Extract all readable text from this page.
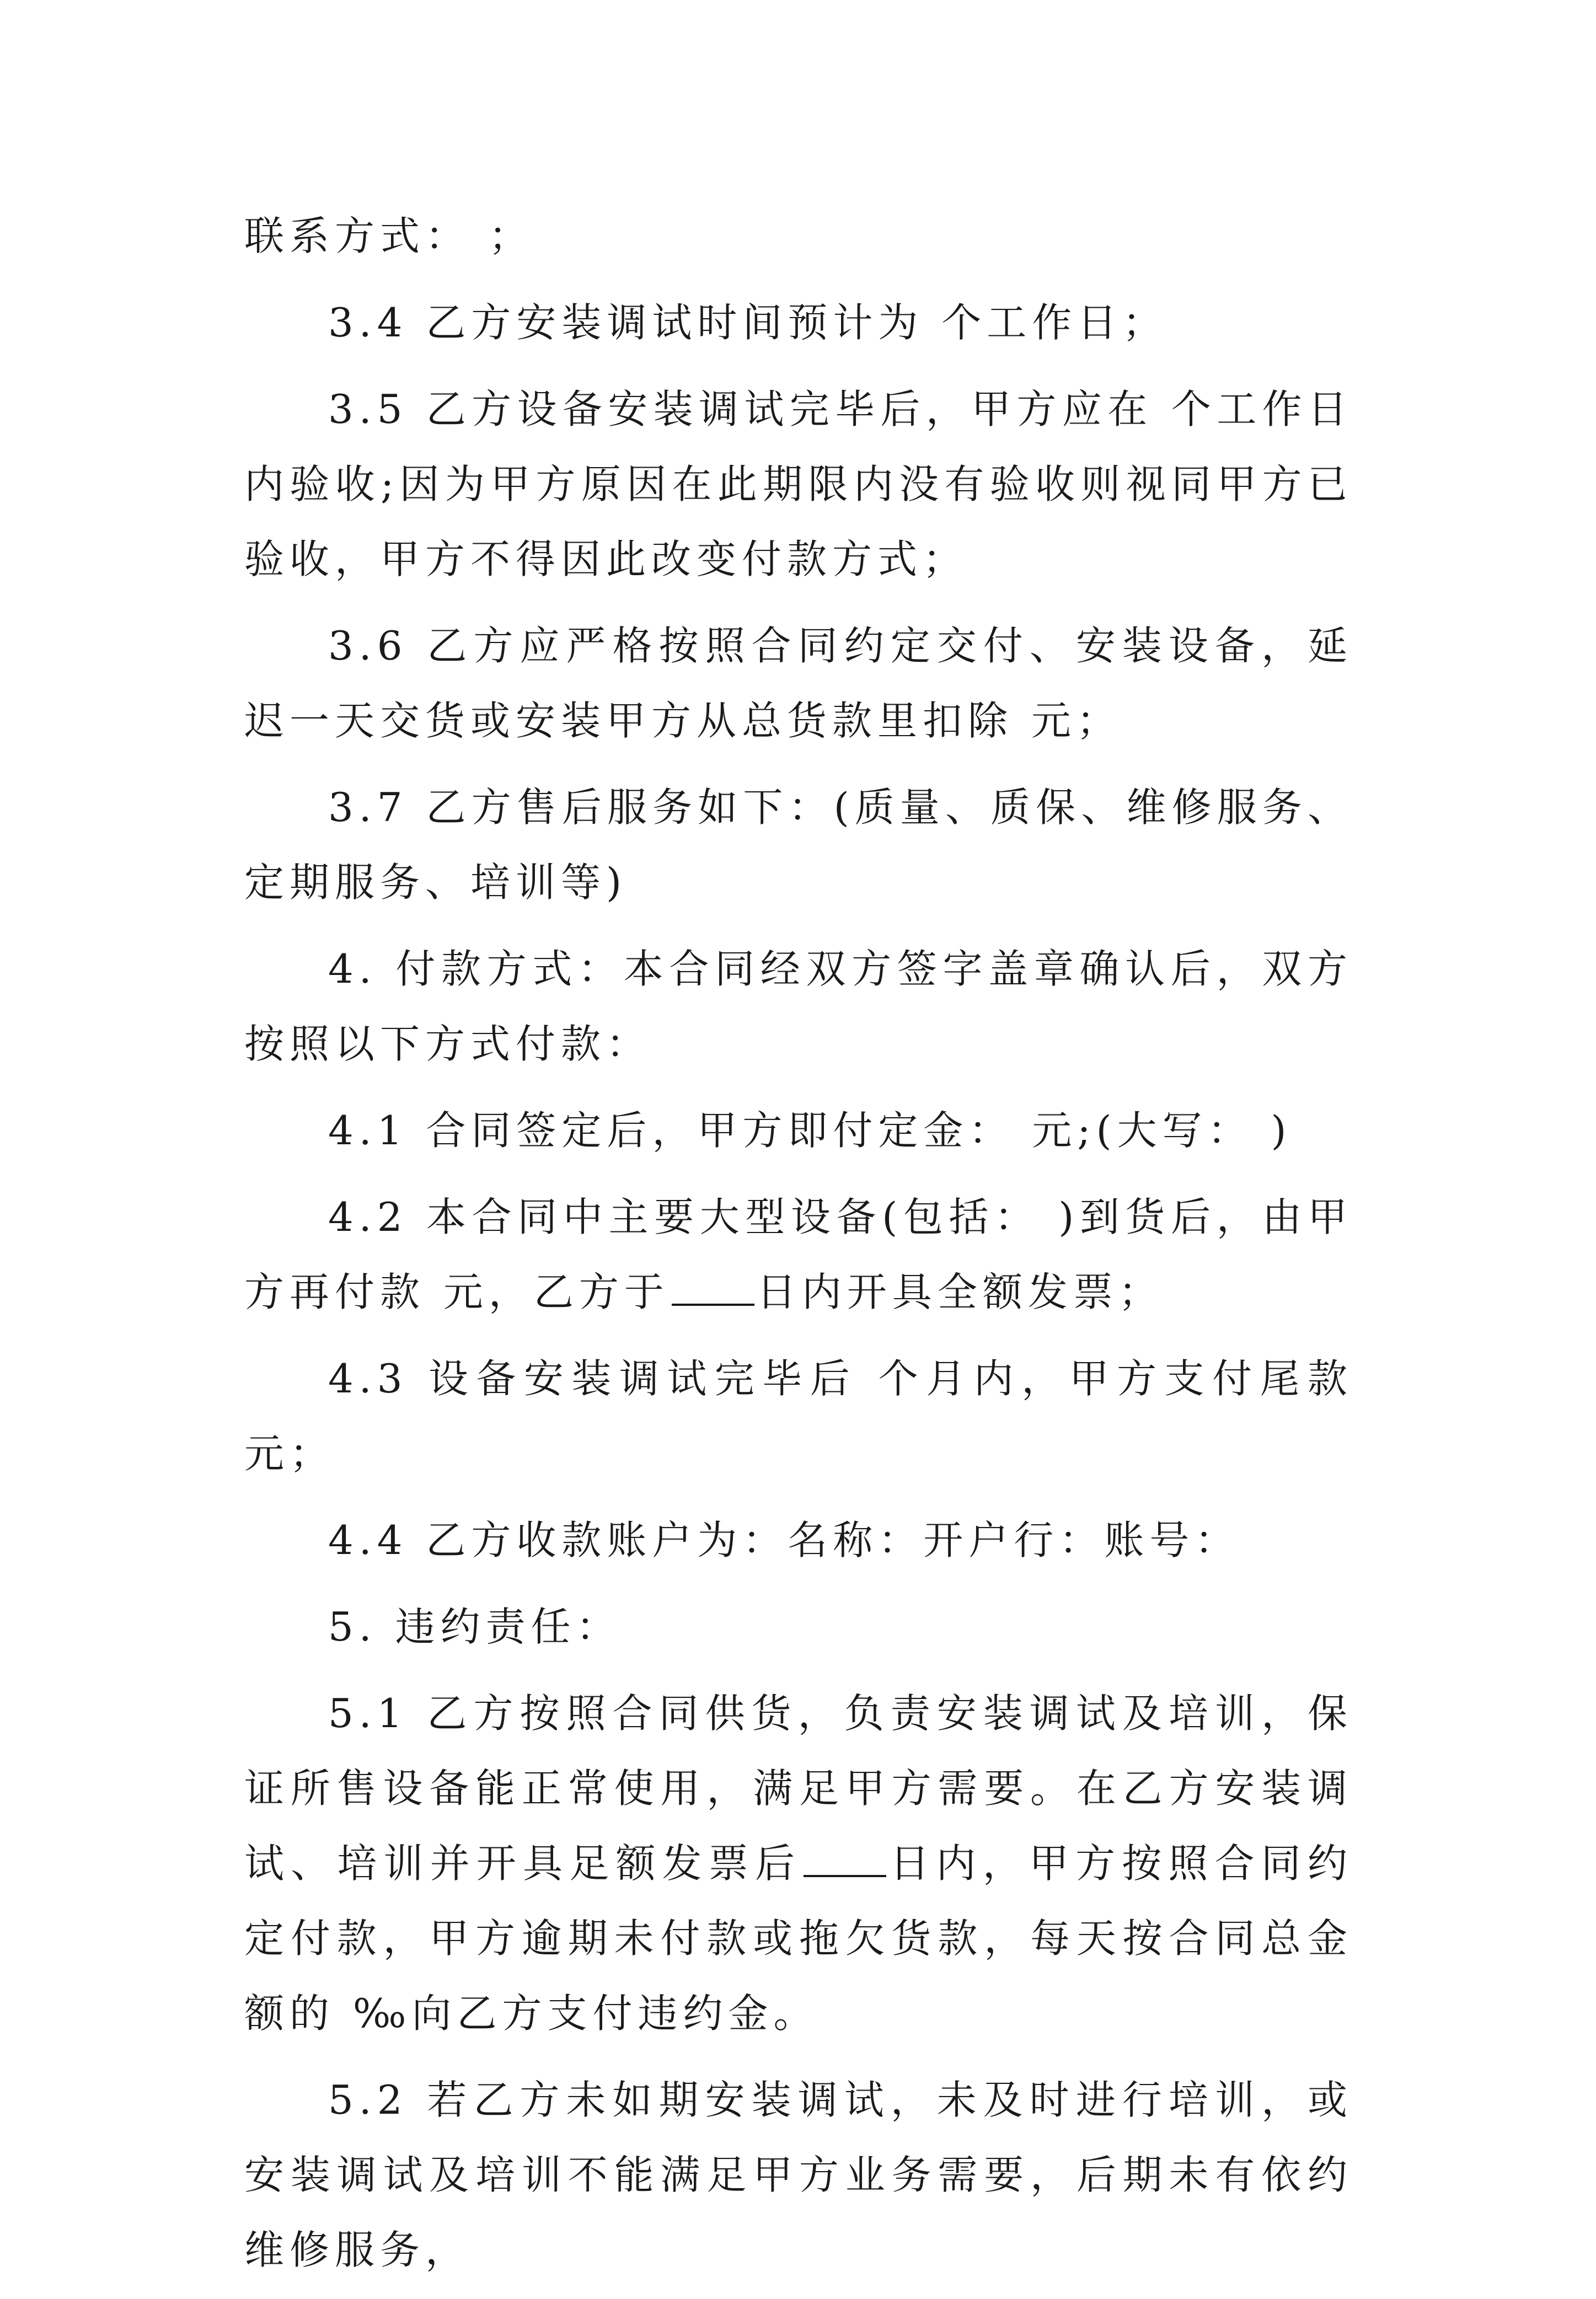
联系方式： ；

3.4 乙方安装调试时间预计为 个工作日；

3.5 乙方设备安装调试完毕后，甲方应在 个工作日内验收;因为甲方原因在此期限内没有验收则视同甲方已验收，甲方不得因此改变付款方式；

3.6 乙方应严格按照合同约定交付、安装设备，延迟一天交货或安装甲方从总货款里扣除 元；

3.7 乙方售后服务如下：(质量、质保、维修服务、定期服务、培训等)

4. 付款方式：本合同经双方签字盖章确认后，双方按照以下方式付款：

4.1 合同签定后，甲方即付定金： 元;(大写： )

4.2 本合同中主要大型设备(包括： )到货后，由甲方再付款 元，乙方于 日内开具全额发票；

4.3 设备安装调试完毕后 个月内，甲方支付尾款 元；

4.4 乙方收款账户为：名称：开户行：账号：

5. 违约责任：

5.1 乙方按照合同供货，负责安装调试及培训，保证所售设备能正常使用，满足甲方需要。在乙方安装调试、培训并开具足额发票后 日内，甲方按照合同约定付款，甲方逾期未付款或拖欠货款，每天按合同总金额的 ‰向乙方支付违约金。

5.2 若乙方未如期安装调试，未及时进行培训，或安装调试及培训不能满足甲方业务需要，后期未有依约维修服务，
